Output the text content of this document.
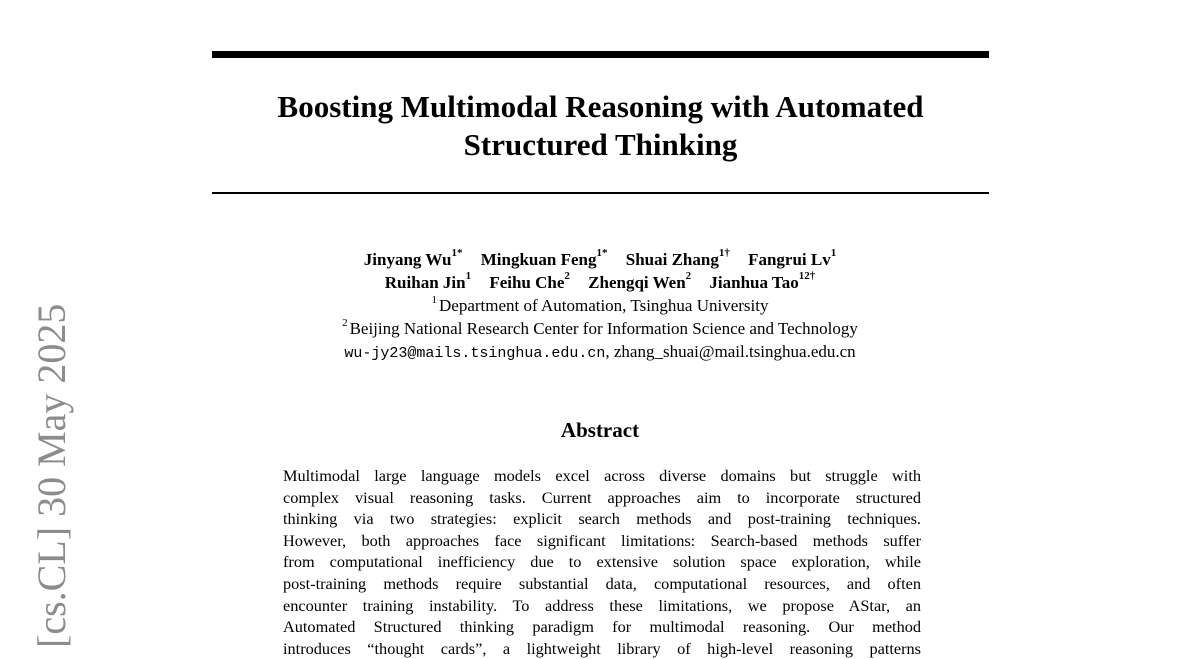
Boosting Multimodal Reasoning with Automated
Structured Thinking
Jinyang $Wu^{1*}$ Mingkuan Feng$^{1*}$ Shuai Zhang$^{1\dagger}$ Fangrui Lv$^1$
Ruihan Jin$^1$ Feihu Che$^2$ Zhengqi Wen$^2$ Jianhua Tao$^{12\dagger}$
$^1$ Department of Automation, Tsinghua University
$^2$ Beijing National Research Center for Information Science and Technology
wu-jy23@mails.tsinghua.edu.cn, zhang_shuai@mail.tsinghua.edu.cn
Abstract
Multimodal large language models excel across diverse domains but struggle with
complex visual reasoning tasks. Current approaches aim to incorporate structured
thinking via two strategies: explicit search methods and post-training techniques.
However, both approaches face significant limitations: Search-based methods suffer
from computational inefficiency due to extensive solution space exploration, while
post-training methods require substantial data, computational resources, and often
encounter training instability. To address these limitations, we propose AStar, an
Automated Structured thinking paradigm for multimodal reasoning. Our method
introduces “thought cards”, a lightweight library of high-level reasoning patterns
[cs.CL] 30 May 2025
